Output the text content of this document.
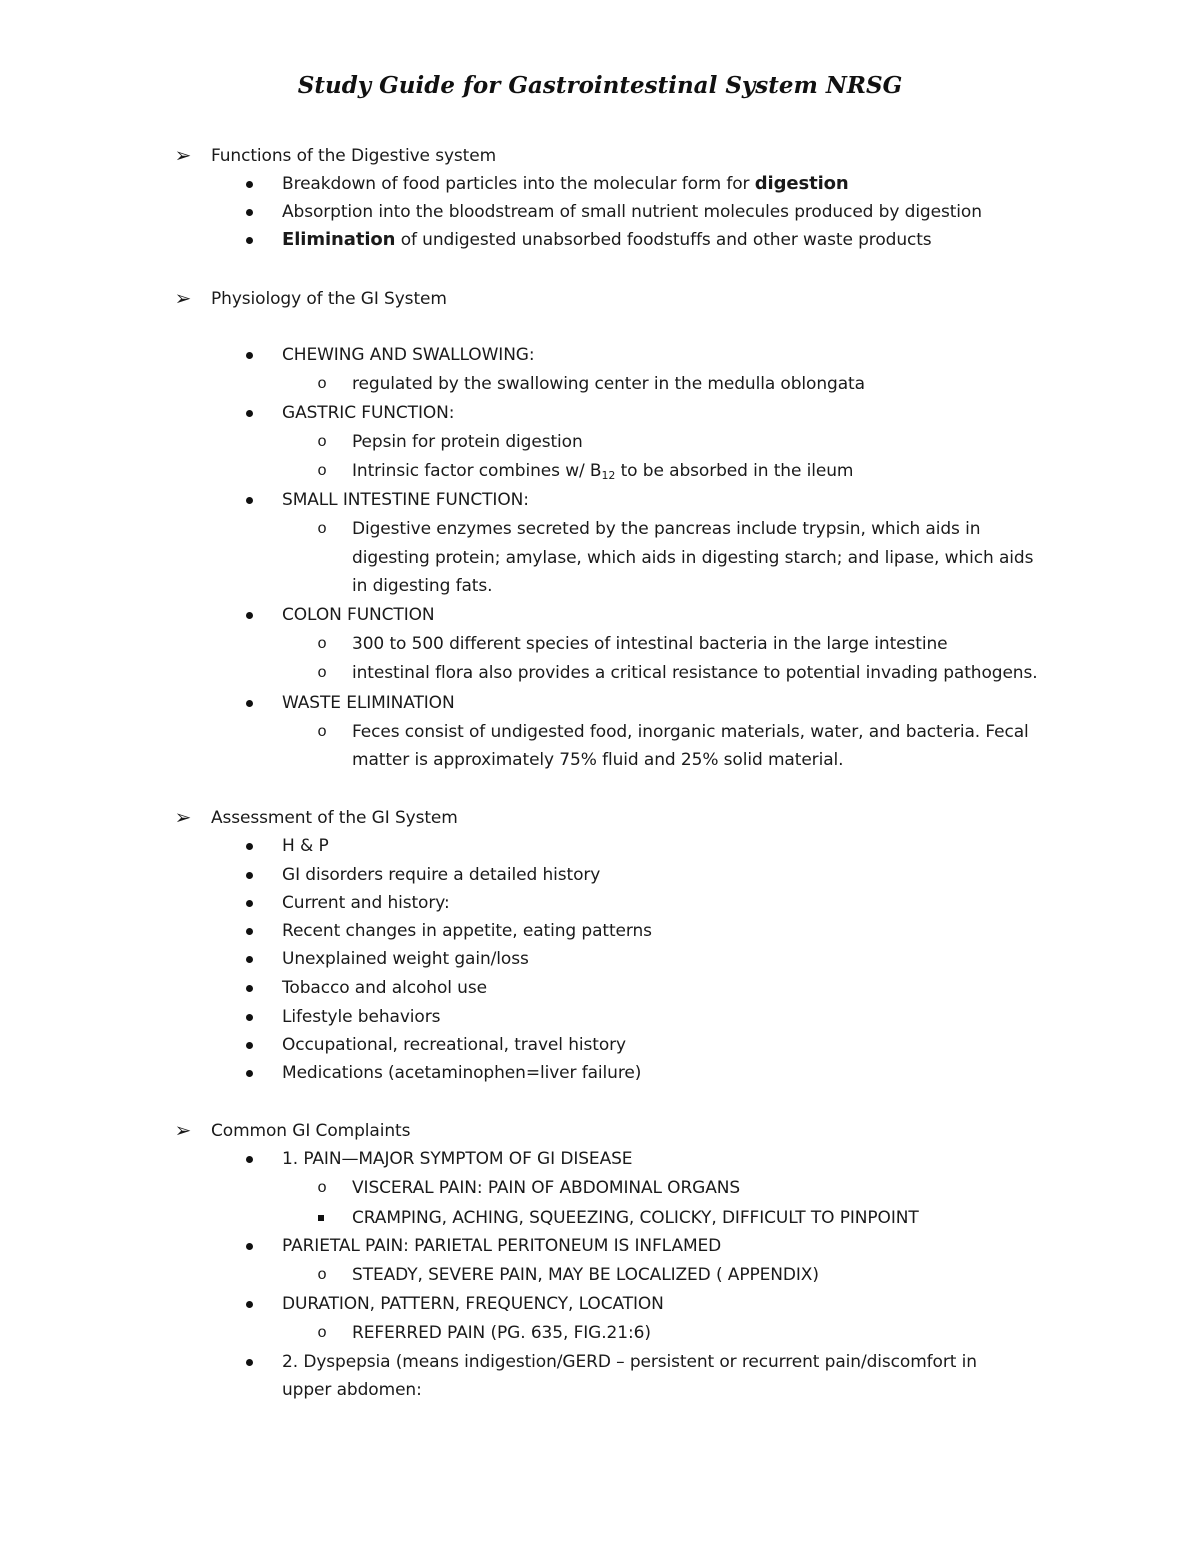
Study Guide for Gastrointestinal System NRSG
➢ Functions of the Digestive system
Breakdown of food particles into the molecular form for digestion
Absorption into the bloodstream of small nutrient molecules produced by digestion
Elimination of undigested unabsorbed foodstuffs and other waste products
➢ Physiology of the GI System
CHEWING AND SWALLOWING:
o	regulated by the swallowing center in the medulla oblongata
GASTRIC FUNCTION:
o	Pepsin for protein digestion
o	Intrinsic factor combines w/ $B_{12}$ to be absorbed in the ileum
SMALL INTESTINE FUNCTION:
o	Digestive enzymes secreted by the pancreas include trypsin, which aids in
digesting protein; amylase, which aids in digesting starch; and lipase, which aids
in digesting fats.
COLON FUNCTION
o	300 to 500 different species of intestinal bacteria in the large intestine
o	intestinal flora also provides a critical resistance to potential invading pathogens.
WASTE ELIMINATION
o	Feces consist of undigested food, inorganic materials, water, and bacteria. Fecal
matter is approximately 75% fluid and 25% solid material.
➢ Assessment of the GI System
H & P
GI disorders require a detailed history
Current and history:
Recent changes in appetite, eating patterns
Unexplained weight gain/loss
Tobacco and alcohol use
Lifestyle behaviors
Occupational, recreational, travel history
Medications (acetaminophen=liver failure)
➢ Common GI Complaints
1. PAIN—MAJOR SYMPTOM OF GI DISEASE
o	VISCERAL PAIN: PAIN OF ABDOMINAL ORGANS
CRAMPING, ACHING, SQUEEZING, COLICKY, DIFFICULT TO PINPOINT
PARIETAL PAIN: PARIETAL PERITONEUM IS INFLAMED
o	STEADY, SEVERE PAIN, MAY BE LOCALIZED ( APPENDIX)
DURATION, PATTERN, FREQUENCY, LOCATION
o	REFERRED PAIN (PG. 635, FIG.21:6)
2. Dyspepsia (means indigestion/GERD – persistent or recurrent pain/discomfort in
upper abdomen:
